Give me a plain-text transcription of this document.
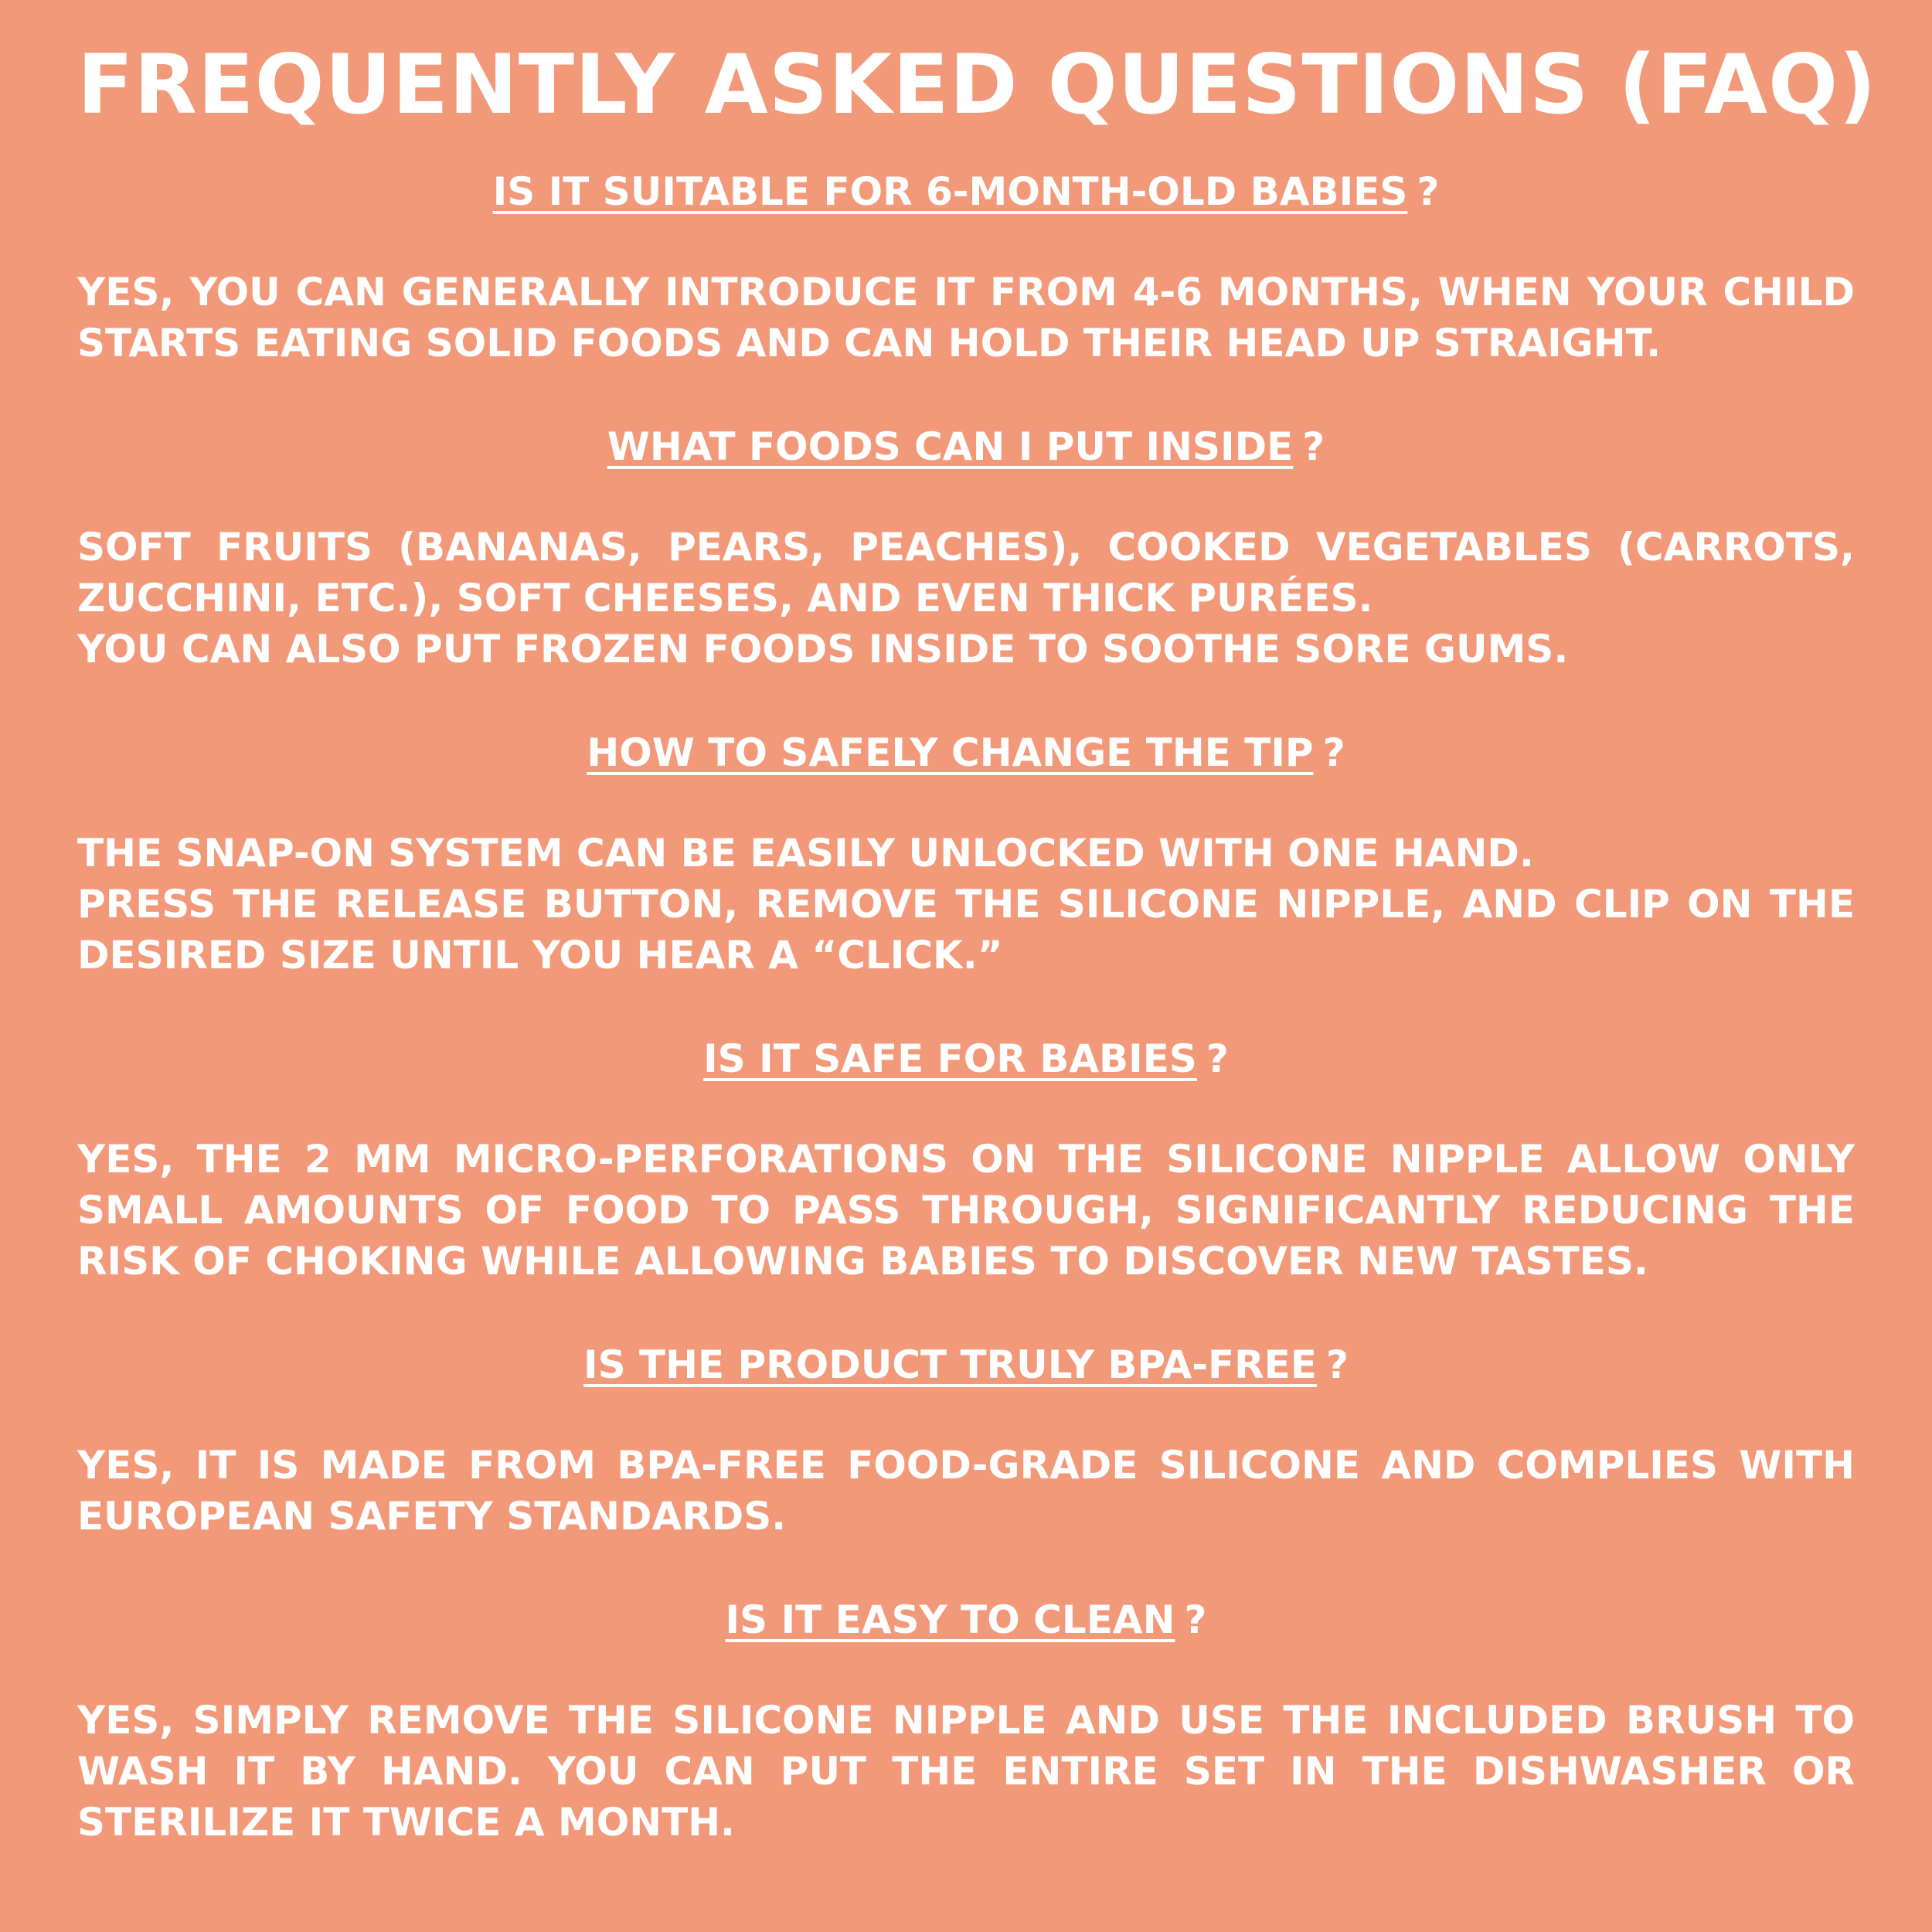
FREQUENTLY ASKED QUESTIONS (FAQ)
IS IT SUITABLE FOR 6-MONTH-OLD BABIES ?

YES, YOU CAN GENERALLY INTRODUCE IT FROM 4-6 MONTHS, WHEN YOUR CHILD STARTS EATING SOLID FOODS AND CAN HOLD THEIR HEAD UP STRAIGHT.

WHAT FOODS CAN I PUT INSIDE ?

SOFT FRUITS (BANANAS, PEARS, PEACHES), COOKED VEGETABLES (CARROTS, ZUCCHINI, ETC.), SOFT CHEESES, AND EVEN THICK PURÉES.
YOU CAN ALSO PUT FROZEN FOODS INSIDE TO SOOTHE SORE GUMS.

HOW TO SAFELY CHANGE THE TIP ?

THE SNAP-ON SYSTEM CAN BE EASILY UNLOCKED WITH ONE HAND.
PRESS THE RELEASE BUTTON, REMOVE THE SILICONE NIPPLE, AND CLIP ON THE DESIRED SIZE UNTIL YOU HEAR A “CLICK.”

IS IT SAFE FOR BABIES ?

YES, THE 2 MM MICRO-PERFORATIONS ON THE SILICONE NIPPLE ALLOW ONLY SMALL AMOUNTS OF FOOD TO PASS THROUGH, SIGNIFICANTLY REDUCING THE RISK OF CHOKING WHILE ALLOWING BABIES TO DISCOVER NEW TASTES.

IS THE PRODUCT TRULY BPA-FREE ?

YES, IT IS MADE FROM BPA-FREE FOOD-GRADE SILICONE AND COMPLIES WITH EUROPEAN SAFETY STANDARDS.

IS IT EASY TO CLEAN ?

YES, SIMPLY REMOVE THE SILICONE NIPPLE AND USE THE INCLUDED BRUSH TO WASH IT BY HAND. YOU CAN PUT THE ENTIRE SET IN THE DISHWASHER OR STERILIZE IT TWICE A MONTH.
